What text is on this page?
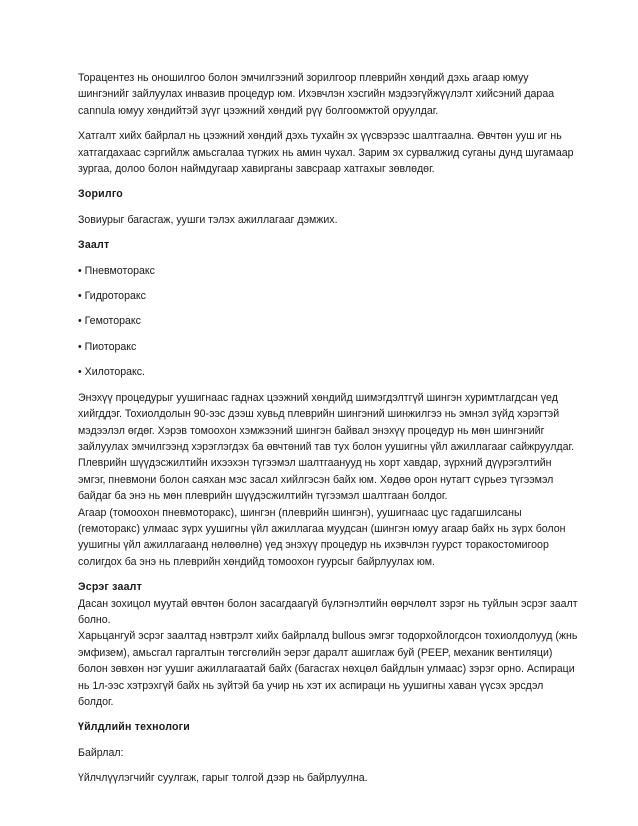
Торацентез нь оношилгоо болон эмчилгээний зорилгоор плеврийн хөндий дэхь агаар юмуу шингэнийг зайлуулах инвазив процедур юм. Ихэвчлэн хэсгийн мэдээгүйжүүлэлт хийсэний дараа cannula юмуу хөндийтэй зүүг цээжний хөндий рүү болгоомжтой оруулдаг.

Хатгалт хийх байрлал нь цээжний хөндий дэхь тухайн эх үүсвэрээс шалтгаална. Өвчтөн ууш иг нь хатгагдахаас сэргийлж амьсгалаа түгжих нь амин чухал. Зарим эх сурвалжид суганы дунд шугамаар зургаа, долоо болон наймдугаар хавирганы завсраар хатгахыг зөвлөдөг.

Зорилго

Зовиурыг багасгаж, уушги тэлэх ажиллагааг дэмжих.

Заалт

• Пневмоторакс

• Гидроторакс

• Гемоторакс

• Пиоторакс

• Хилоторакс.

Энэхүү процедурыг уушигнаас гаднах цээжний хөндийд шимэгдэлтгүй шингэн хуримтлагдсан үед хийгддэг. Тохиолдолын 90-ээс дээш хувьд плеврийн шингэний шинжилгээ нь эмнэл зүйд хэрэгтэй мэдээлэл өгдөг. Хэрэв томоохон хэмжээний шингэн байвал энэхүү процедур нь мөн шингэнийг зайлуулах эмчилгээнд хэрэглэгдэх ба өвчтөний тав тух болон уушигны үйл ажиллагааг сайжруулдаг.

Плеврийн шүүдэсжилтийн ихээхэн түгээмэл шалтгаанууд нь хорт хавдар, зүрхний дүүрэгэлтийн эмгэг, пневмони болон саяхан мэс засал хийлгэсэн байх юм. Хөдөө орон нутагт сүрьеэ түгээмэл байдаг ба энэ нь мөн плеврийн шүүдэсжилтийн түгээмэл шалтгаан болдог.

Агаар (томоохон пневмоторакс), шингэн (плеврийн шингэн), уушигнаас цус гадагшилсаны (гемоторакс) улмаас зүрх уушигны үйл ажиллагаа муудсан (шингэн юмуу агаар байх нь зүрх болон уушигны үйл ажиллагаанд нөлөөлнө) үед энэхүү процедур нь ихэвчлэн гуурст торакостомигоор солигдох ба энэ нь плеврийн хөндийд томоохон гуурсыг байрлуулах юм.

Эсрэг заалт

Дасан зохицол муутай өвчтөн болон засагдаагүй бүлэгнэлтийн өөрчлөлт зэрэг нь туйлын эсрэг заалт болно.

Харьцангуй эсрэг заалтад нэвтрэлт хийх байрлалд bullous эмгэг тодорхойлогдсон тохиолдолууд (жнь эмфизем), амьсгал гаргалтын төгсгөлийн эерэг даралт ашиглаж буй (PEEP, механик вентиляци) болон зөвхөн нэг уушиг ажиллагаатай байх (багасгах нөхцөл байдлын улмаас) зэрэг орно. Аспираци нь 1л-ээс хэтрэхгүй байх нь зүйтэй ба учир нь хэт их аспираци нь уушигны хаван үүсэх эрсдэл болдог.

Үйлдлийн технологи

Байрлал:

Үйлчлүүлэгчийг суулгаж, гарыг толгой дээр нь байрлуулна.
